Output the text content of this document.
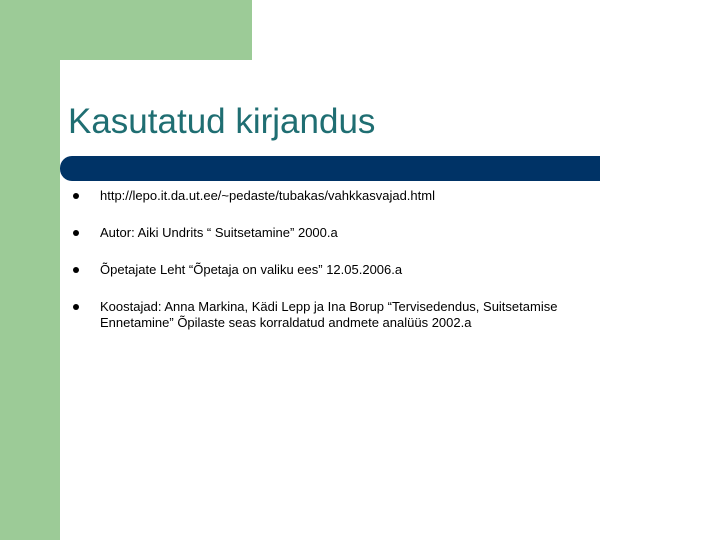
Kasutatud kirjandus
http://lepo.it.da.ut.ee/~pedaste/tubakas/vahkkasvajad.html
Autor: Aiki Undrits “ Suitsetamine” 2000.a
Õpetajate Leht “Õpetaja on valiku ees” 12.05.2006.a
Koostajad: Anna Markina, Kädi Lepp ja Ina Borup “Tervisedendus, Suitsetamise Ennetamine” Õpilaste seas korraldatud andmete analüüs 2002.a
